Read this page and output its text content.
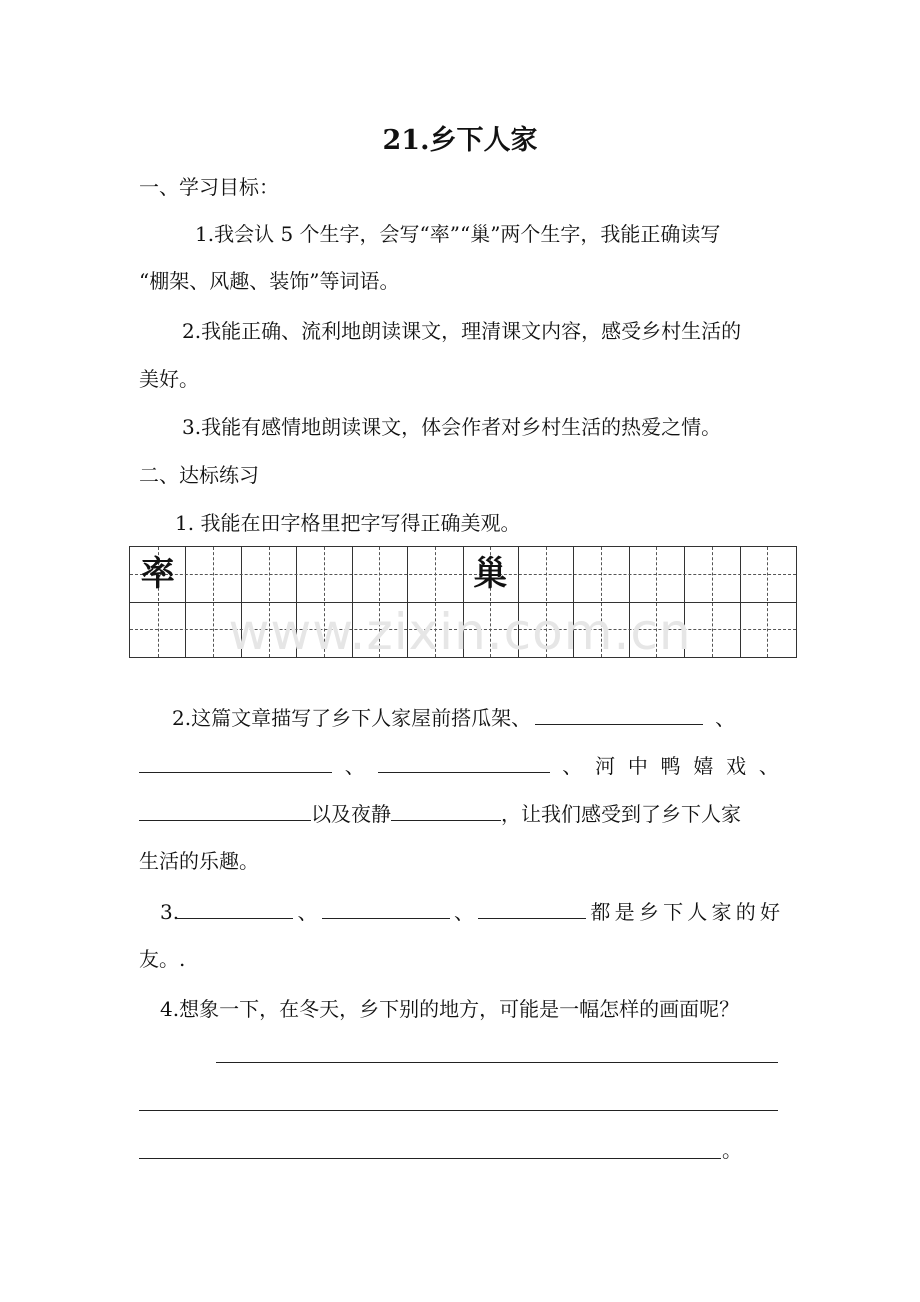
21.乡下人家
一、学习目标：
1.我会认 5 个生字，会写“率”“巢”两个生字，我能正确读写
“棚架、风趣、装饰”等词语。
2.我能正确、流利地朗读课文，理清课文内容，感受乡村生活的
美好。
3.我能有感情地朗读课文，体会作者对乡村生活的热爱之情。
二、达标练习
1. 我能在田字格里把字写得正确美观。
率	巢
www.zixin.com.cn
2.这篇文章描写了乡下人家屋前搭瓜架、	、
、	、 河 中 鸭 嬉 戏 、
以及夜静	，让我们感受到了乡下人家
生活的乐趣。
3.	、	、	都 是 乡 下 人 家 的 好
友。.
4.想象一下，在冬天，乡下别的地方，可能是一幅怎样的画面呢？
。
